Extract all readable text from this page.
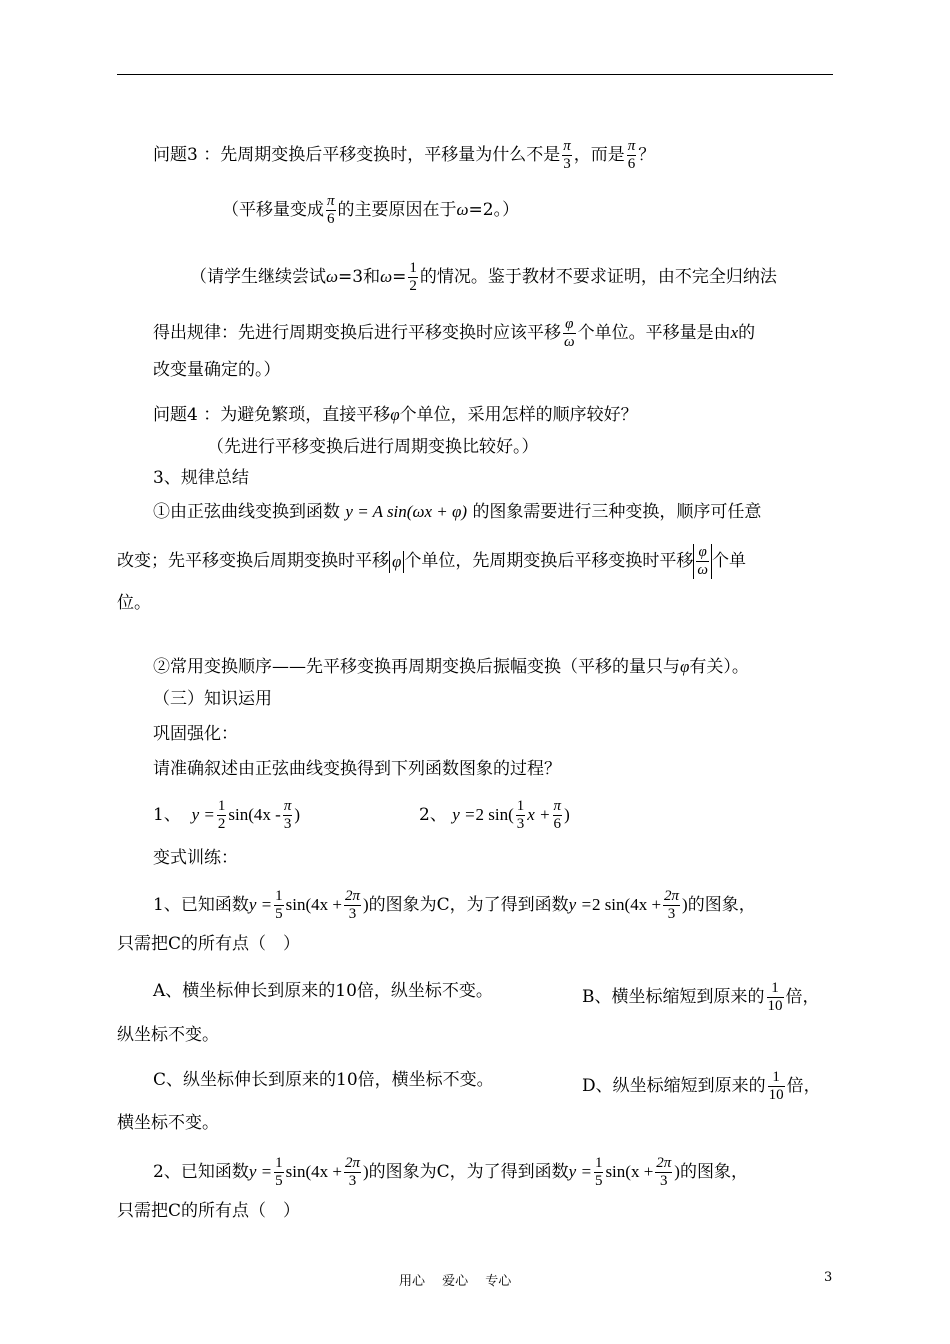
问题3 ：先周期变换后平移变换时，平移量为什么不是 $\frac{\pi}{3}$ ，而是 $\frac{\pi}{6}$ ？
（平移量变成 $\frac{\pi}{6}$ 的主要原因在于ω=2。）
（请学生继续尝试ω=3和$\omega= \frac{1}{2}$ 的情况。鉴于教材不要求证明，由不完全归纳法
得出规律：先进行周期变换后进行平移变换时应该平移 $\frac{\varphi}{\omega}$ 个单位。平移量是由x的
改变量确定的。）
问题4 ：为避免繁琐，直接平移φ个单位，采用怎样的顺序较好？
（先进行平移变换后进行周期变换比较好。）
3、规律总结
①由正弦曲线变换到函数 y = A sin(ωx + φ) 的图象需要进行三种变换，顺序可任意
改变；先平移变换后周期变换时平移 φ 个单位，先周期变换后平移变换时平移 $\frac{\varphi}{\omega}$ 个单
位。
②常用变换顺序——先平移变换再周期变换后振幅变换（平移的量只与φ有关）。
（三）知识运用
巩固强化：
请准确叙述由正弦曲线变换得到下列函数图象的过程？
1、 $y = \frac{1}{2} \sin(4x - \frac{\pi}{3}$ )	2、 y =2 $\sin( \frac{1}{3}$ $x + \frac{\pi}{6}$ )
变式训练：
1、已知函数$y = \frac{1}{5} \sin(4x + \frac{2\pi}{3}$ )的图象为C，为了得到函数y =2 $\sin(4x + \frac{2\pi}{3}$ )的图象，
只需把C的所有点（　）
A、横坐标伸长到原来的10倍，纵坐标不变。	B、横坐标缩短到原来的 $\frac{1}{10}$ 倍，
纵坐标不变。
C、纵坐标伸长到原来的10倍，横坐标不变。	D、纵坐标缩短到原来的 $\frac{1}{10}$ 倍，
横坐标不变。
2、已知函数$y = \frac{1}{5} \sin(4x + \frac{2\pi}{3}$ )的图象为C，为了得到函数$y = \frac{1}{5} \sin(x + \frac{2\pi}{3}$ )的图象，
只需把C的所有点（　）
用心　 爱心　 专心	3
